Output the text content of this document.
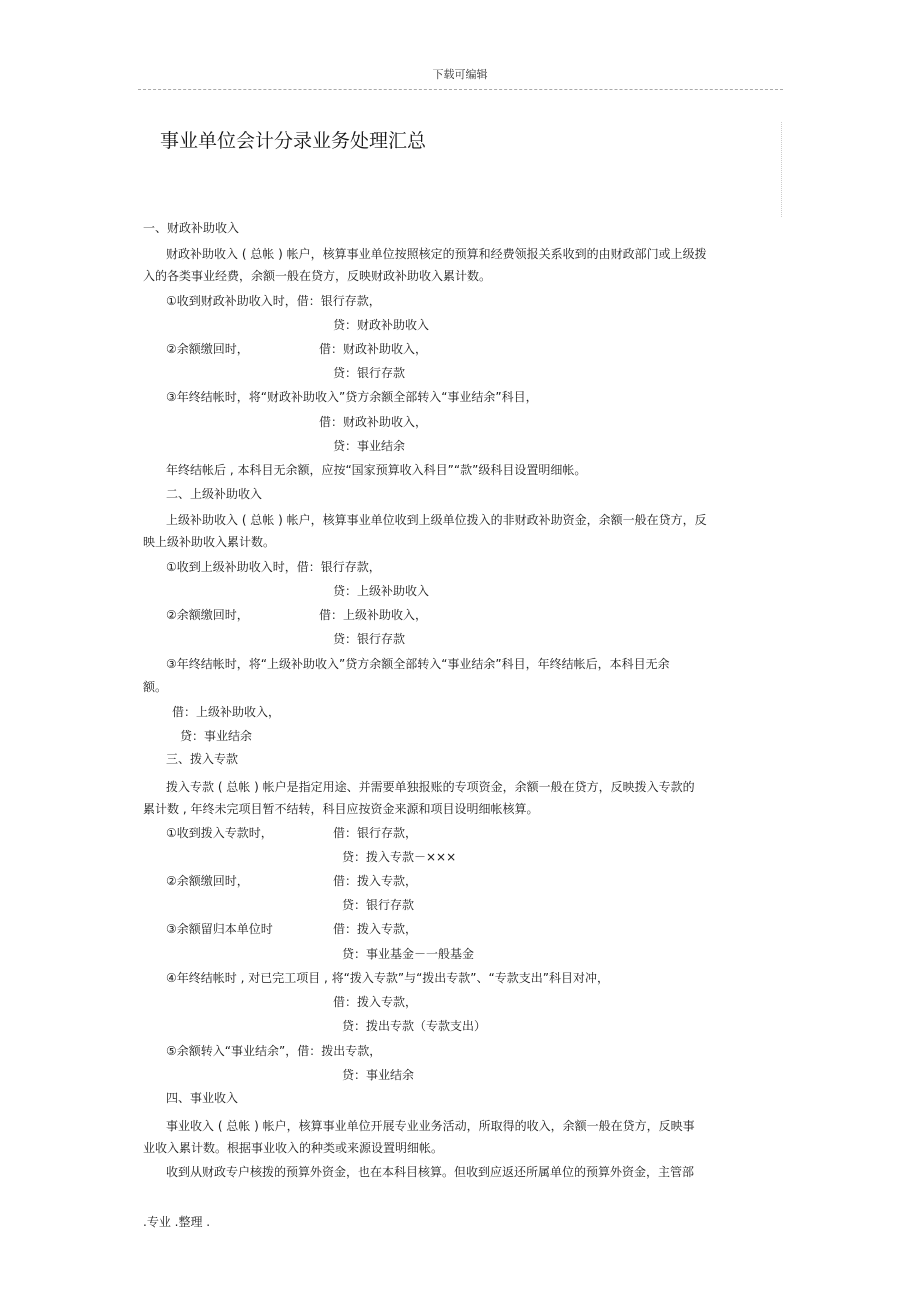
下载可编辑
事业单位会计分录业务处理汇总
一、财政补助收入
财政补助收入 ( 总帐 ) 帐户，核算事业单位按照核定的预算和经费领报关系收到的由财政部门或上级拨
入的各类事业经费，余额一般在贷方，反映财政补助收入累计数。
①收到财政补助收入时，借：银行存款，
贷：财政补助收入
②余额缴回时，	借：财政补助收入，
贷：银行存款
③年终结帐时，将“财政补助收入”贷方余额全部转入“事业结余”科目，
借：财政补助收入，
贷：事业结余
年终结帐后 , 本科目无余额，应按“国家预算收入科目”“款”级科目设置明细帐。
二、上级补助收入
上级补助收入 ( 总帐 ) 帐户，核算事业单位收到上级单位拨入的非财政补助资金，余额一般在贷方，反
映上级补助收入累计数。
①收到上级补助收入时，借：银行存款，
贷：上级补助收入
②余额缴回时，	借：上级补助收入，
贷：银行存款
③年终结帐时，将“上级补助收入”贷方余额全部转入“事业结余”科目，年终结帐后，本科目无余
额。
借：上级补助收入，
贷：事业结余
三、拨入专款
拨入专款 ( 总帐 ) 帐户是指定用途、并需要单独报账的专项资金，余额一般在贷方，反映拨入专款的
累计数 , 年终未完项目暂不结转，科目应按资金来源和项目设明细帐核算。
①收到拨入专款时，	借：银行存款，
贷：拨入专款－×××
②余额缴回时，	借：拨入专款，
贷：银行存款
③余额留归本单位时	借：拨入专款，
贷：事业基金－一般基金
④年终结帐时 , 对已完工项目 , 将“拨入专款”与“拨出专款”、“专款支出”科目对冲，
借：拨入专款，
贷：拨出专款（专款支出）
⑤余额转入“事业结余”，借：拨出专款，
贷：事业结余
四、事业收入
事业收入 ( 总帐 ) 帐户，核算事业单位开展专业业务活动，所取得的收入，余额一般在贷方，反映事
业收入累计数。根据事业收入的种类或来源设置明细帐。
收到从财政专户核拨的预算外资金，也在本科目核算。但收到应返还所属单位的预算外资金，主管部
.专业 .整理 .
